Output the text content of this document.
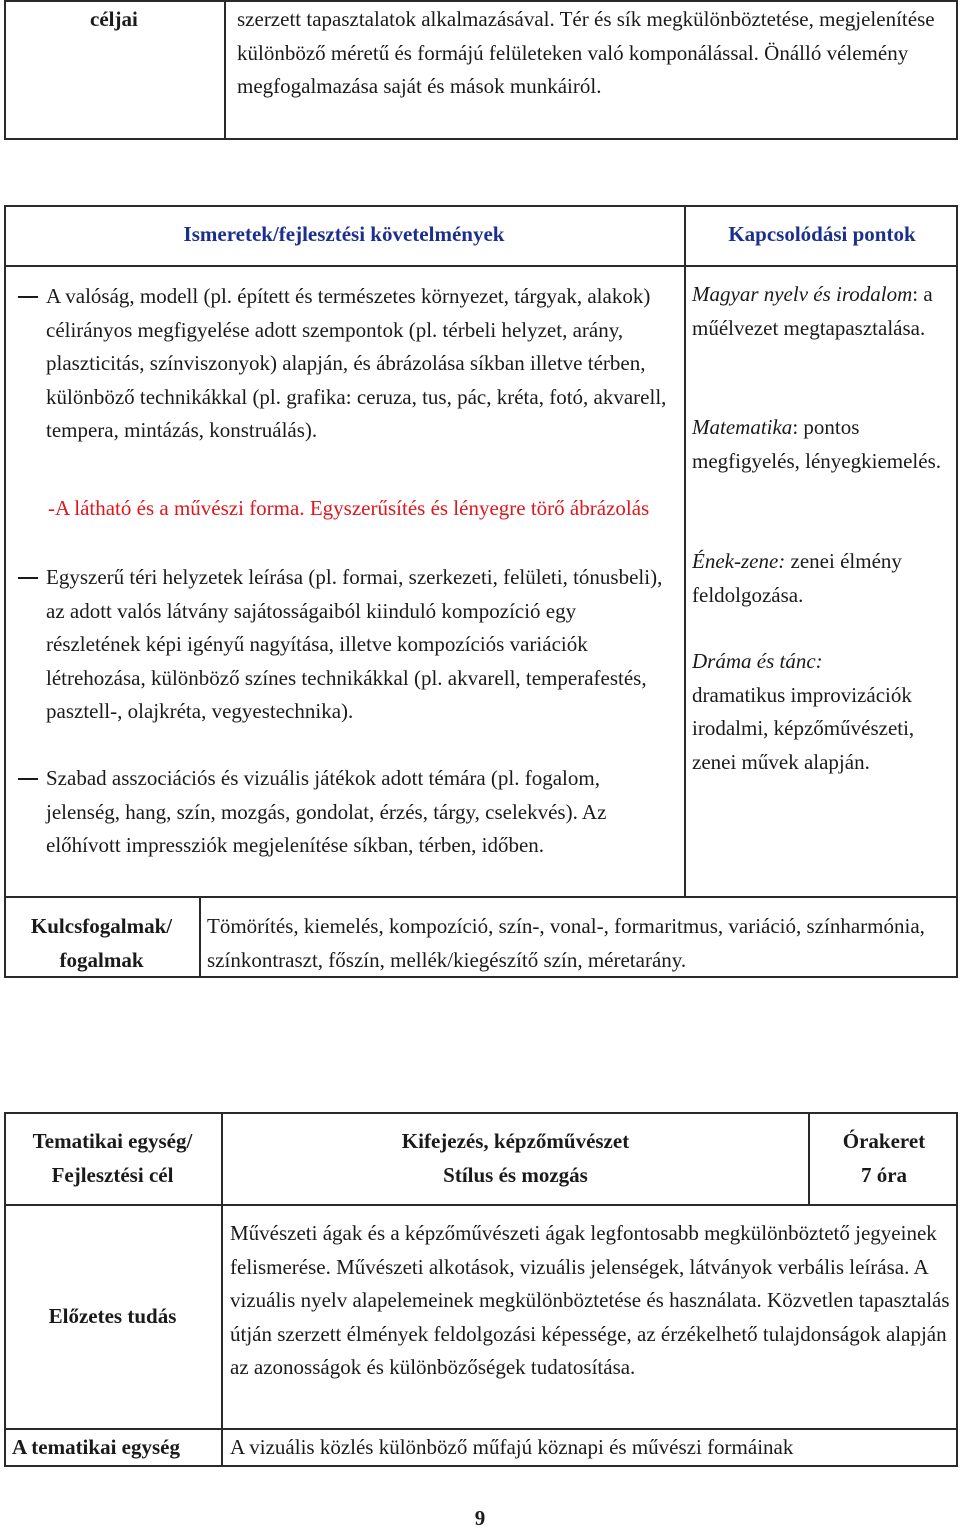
céljai	szerzett tapasztalatok alkalmazásával. Tér és sík megkülönböztetése, megjelenítése különböző méretű és formájú felületeken való komponálással. Önálló vélemény megfogalmazása saját és mások munkáiról.
Ismeretek/fejlesztési követelmények	Kapcsolódási pontok
A valóság, modell (pl. épített és természetes környezet, tárgyak, alakok) célirányos megfigyelése adott szempontok (pl. térbeli helyzet, arány, plaszticitás, színviszonyok) alapján, és ábrázolása síkban illetve térben, különböző technikákkal (pl. grafika: ceruza, tus, pác, kréta, fotó, akvarell, tempera, mintázás, konstruálás).
-A látható és a művészi forma. Egyszerűsítés és lényegre törő ábrázolás
Egyszerű téri helyzetek leírása (pl. formai, szerkezeti, felületi, tónusbeli), az adott valós látvány sajátosságaiból kiinduló kompozíció egy részletének képi igényű nagyítása, illetve kompozíciós variációk létrehozása, különböző színes technikákkal (pl. akvarell, temperafestés, pasztell-, olajkréta, vegyestechnika).
Szabad asszociációs és vizuális játékok adott témára (pl. fogalom, jelenség, hang, szín, mozgás, gondolat, érzés, tárgy, cselekvés). Az előhívott impressziók megjelenítése síkban, térben, időben.
Magyar nyelv és irodalom: a műélvezet megtapasztalása.
Matematika: pontos megfigyelés, lényegkiemelés.
Ének-zene: zenei élmény feldolgozása.
Dráma és tánc:
dramatikus improvizációk irodalmi, képzőművészeti, zenei művek alapján.
Kulcsfogalmak/
fogalmak
Tömörítés, kiemelés, kompozíció, szín-, vonal-, formaritmus, variáció, színharmónia, színkontraszt, főszín, mellék/kiegészítő szín, méretarány.
Tematikai egység/
Fejlesztési cél
Kifejezés, képzőművészet
Stílus és mozgás
Órakeret
7 óra
Előzetes tudás
Művészeti ágak és a képzőművészeti ágak legfontosabb megkülönböztető jegyeinek felismerése. Művészeti alkotások, vizuális jelenségek, látványok verbális leírása. A vizuális nyelv alapelemeinek megkülönböztetése és használata. Közvetlen tapasztalás útján szerzett élmények feldolgozási képessége, az érzékelhető tulajdonságok alapján az azonosságok és különbözőségek tudatosítása.
A tematikai egység A vizuális közlés különböző műfajú köznapi és művészi formáinak
9
